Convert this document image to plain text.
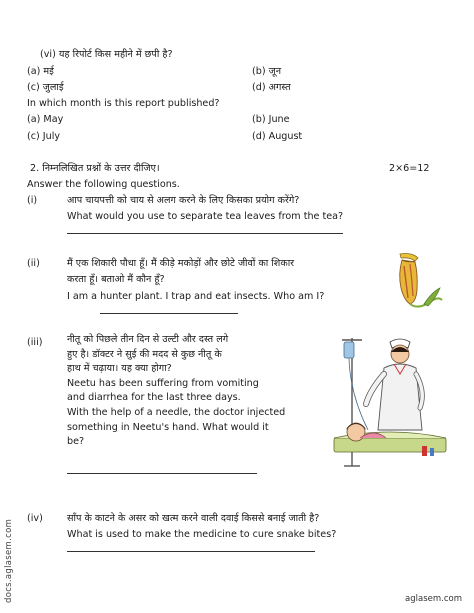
(vi) यह रिपोर्ट किस महीने में छपी है?
(a) मई	(b) जून
(c) जुलाई	(d) अगस्त
In which month is this report published?
(a) May	(b) June
(c) July	(d) August
2. निम्नलिखित प्रश्नों के उत्तर दीजिए।	2×6=12
Answer the following questions.
(i)	आप चायपत्ती को चाय से अलग करने के लिए किसका प्रयोग करेंगे?
What would you use to separate tea leaves from the tea?
(ii)	मैं एक शिकारी पौधा हूँ। मैं कीड़े मकोड़ों और छोटे जीवों का शिकार
करता हूँ। बताओ मैं कौन हूँ?
I am a hunter plant. I trap and eat insects. Who am I?
(iii)	नीतू को पिछले तीन दिन से उल्टी और दस्त लगे
हुए है। डॉक्टर ने सुई की मदद से कुछ नीतू के
हाथ में चढ़ाया। यह क्या होगा?
Neetu has been suffering from vomiting
and diarrhea for the last three days.
With the help of a needle, the doctor injected
something in Neetu's hand. What would it
be?
(iv)	साँप के काटने के असर को खत्म करने वाली दवाई किससे बनाई जाती है?
What is used to make the medicine to cure snake bites?
docs.aglasem.com	aglasem.com
